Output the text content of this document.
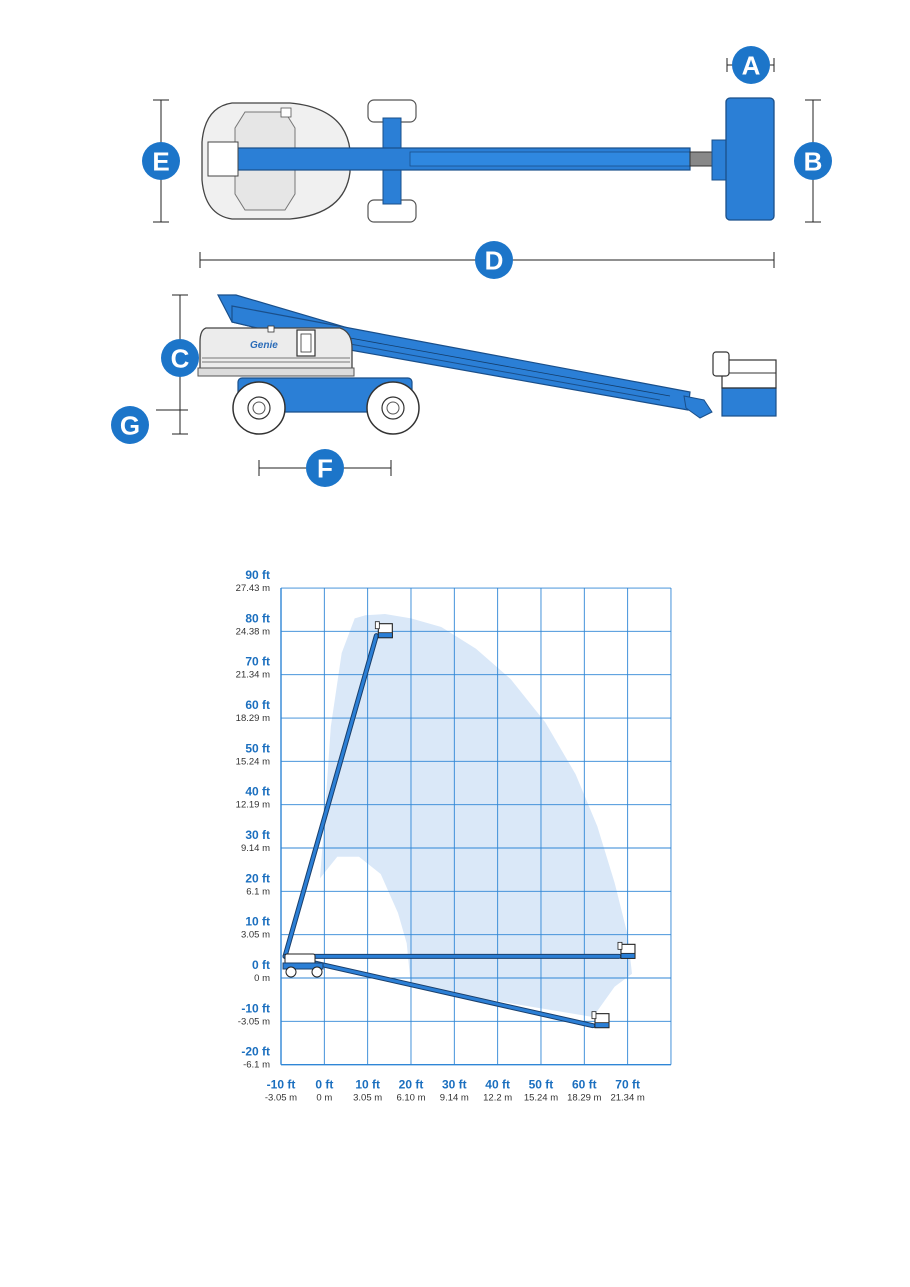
Genie
A
B
E
D
C
G
F
90 ft
27.43 m
80 ft
24.38 m
70 ft
21.34 m
60 ft
18.29 m
50 ft
15.24 m
40 ft
12.19 m
30 ft
9.14 m
20 ft
6.1 m
10 ft
3.05 m
0 ft
0 m
-10 ft
-3.05 m
-20 ft
-6.1 m
-10 ft
-3.05 m
0 ft
0 m
10 ft
3.05 m
20 ft
6.10 m
30 ft
9.14 m
40 ft
12.2 m
50 ft
15.24 m
60 ft
18.29 m
70 ft
21.34 m
